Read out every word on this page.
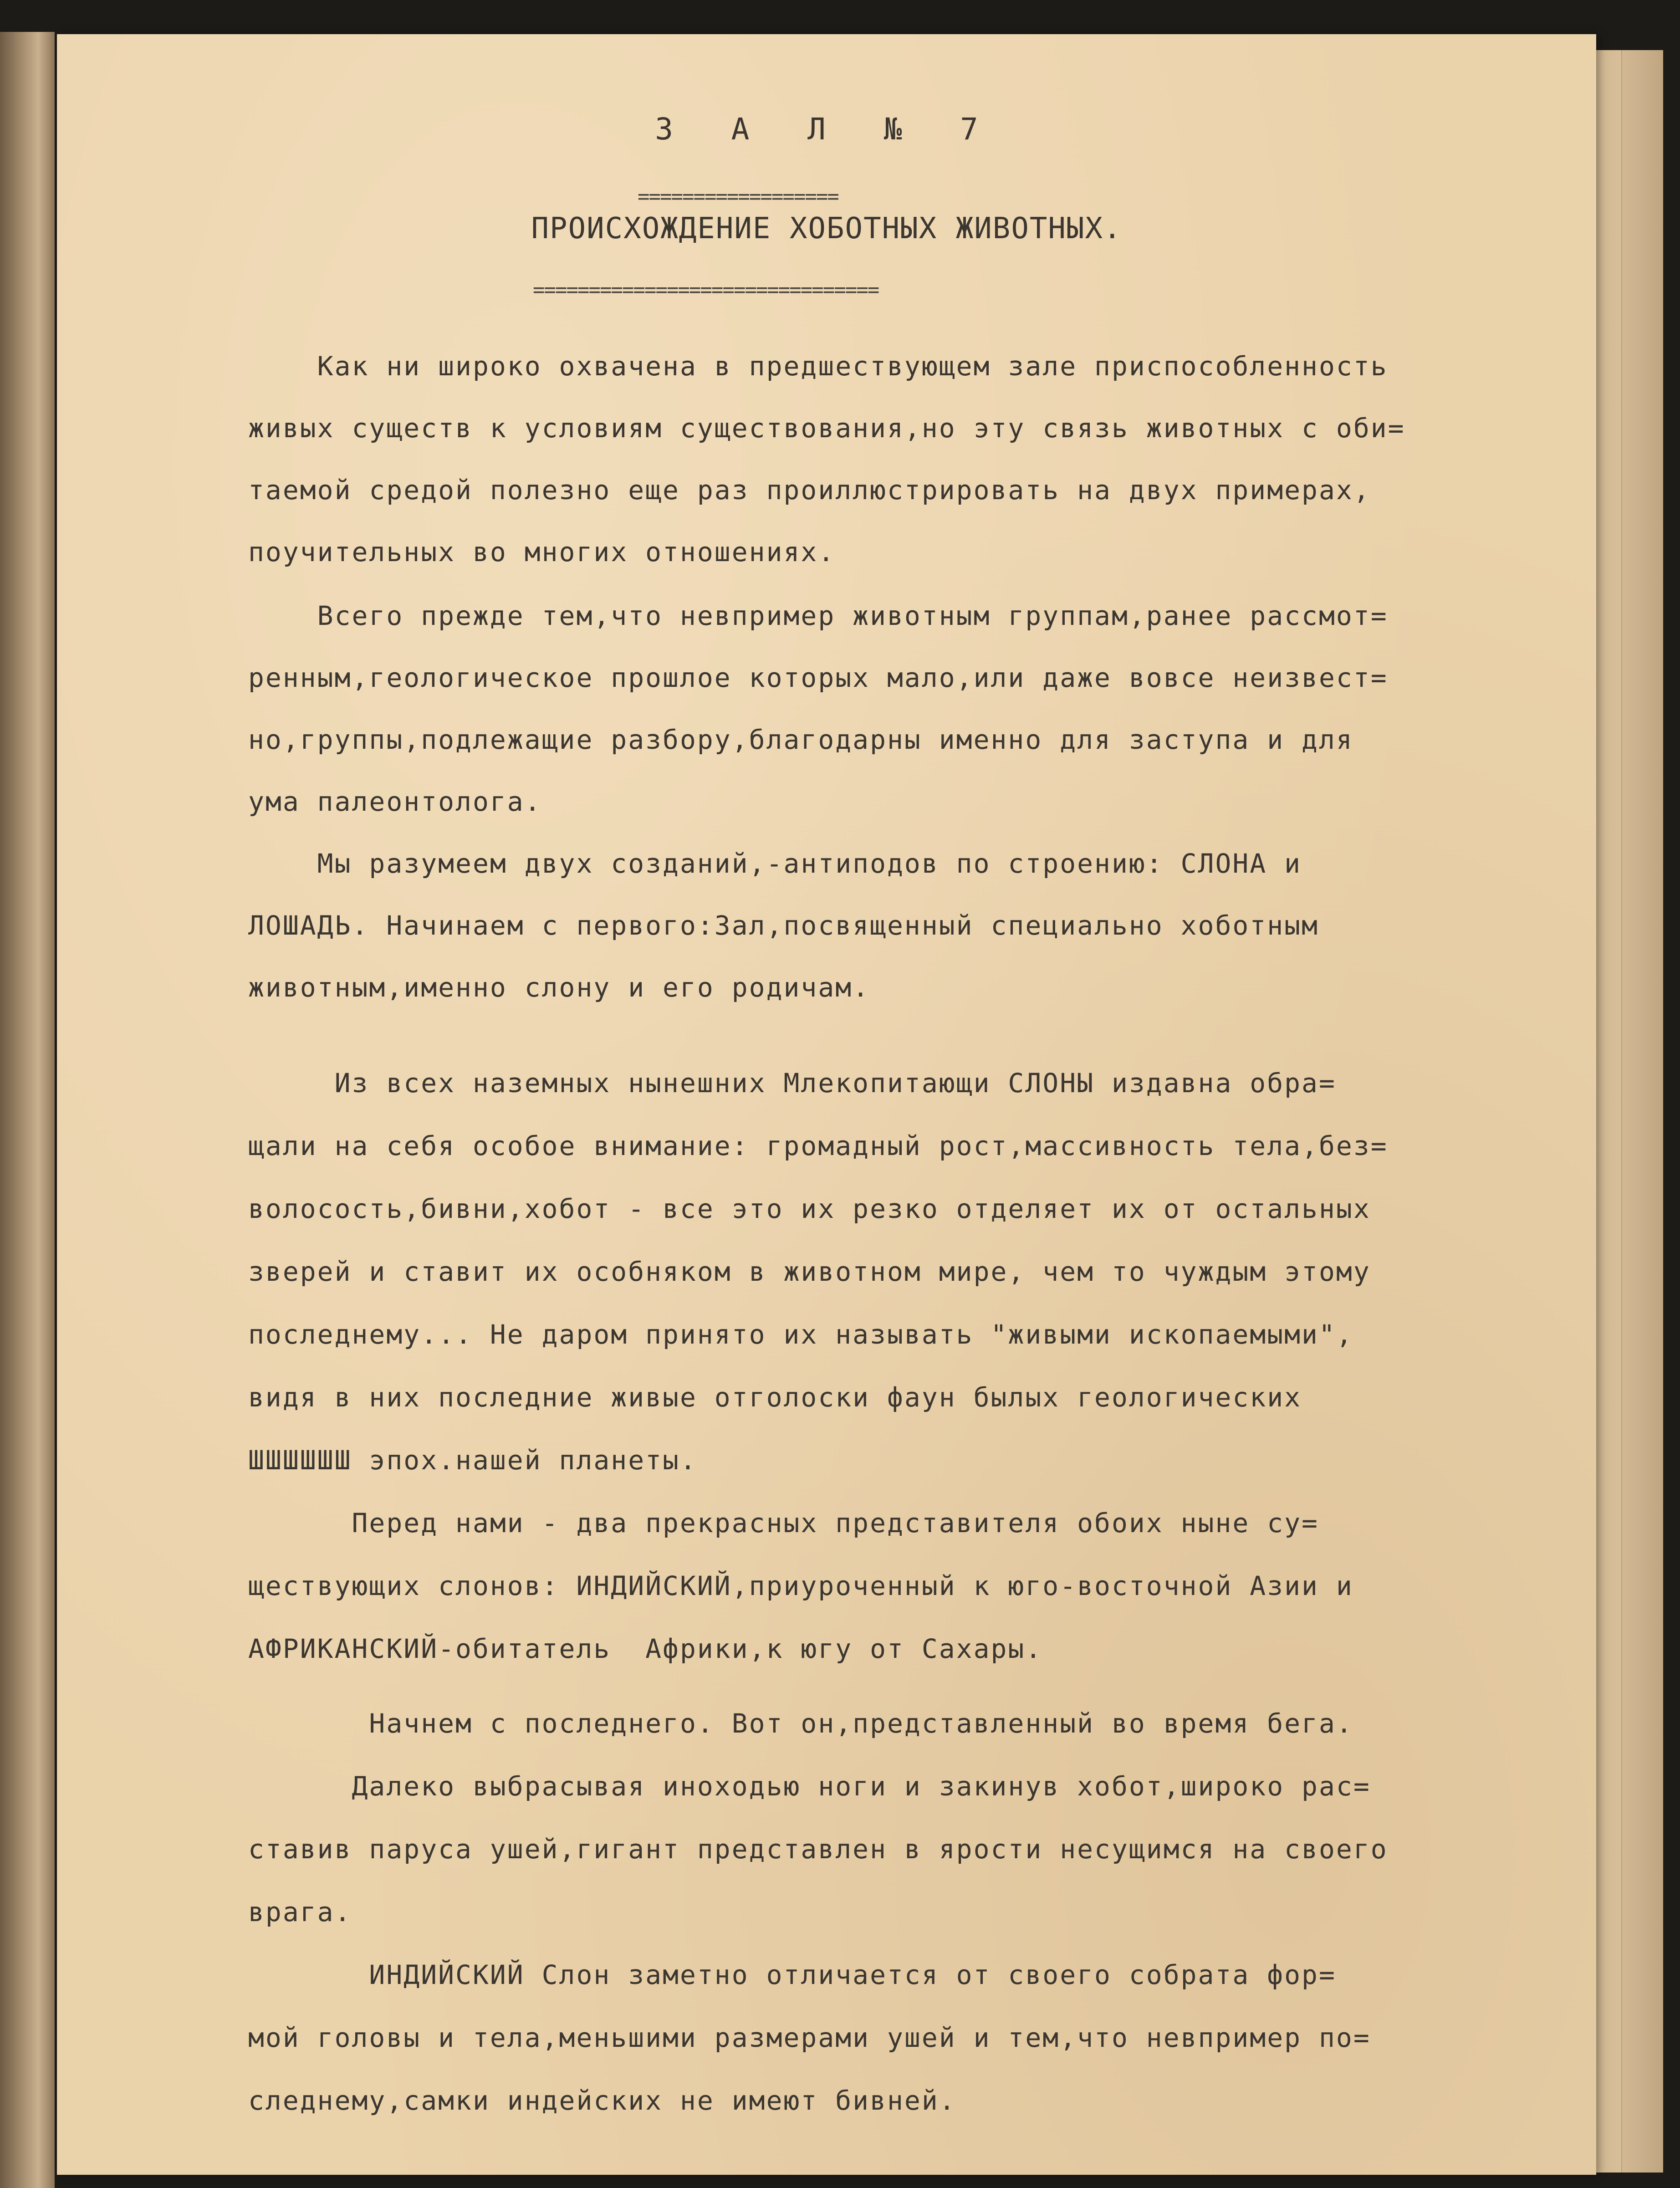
З А Л № 7
==================
ПРОИСХОЖДЕНИЕ ХОБОТНЫХ ЖИВОТНЫХ.
===============================
Как ни широко охвачена в предшествующем зале приспособленность
живых существ к условиям существования,но эту связь животных с оби=
таемой средой полезно еще раз проиллюстрировать на двух примерах,
поучительных во многих отношениях.
Всего прежде тем,что невпример животным группам,ранее рассмот=
ренным,геологическое прошлое которых мало,или даже вовсе неизвест=
но,группы,подлежащие разбору,благодарны именно для заступа и для
ума палеонтолога.
Мы разумеем двух созданий,-антиподов по строению: СЛОНА и
ЛОШАДЬ. Начинаем с первого:Зал,посвященный специально хоботным
животным,именно слону и его родичам.
Из всех наземных нынешних Млекопитающи СЛОНЫ издавна обра=
щали на себя особое внимание: громадный рост,массивность тела,без=
волосость,бивни,хобот - все это их резко отделяет их от остальных
зверей и ставит их особняком в животном мире, чем то чуждым этому
последнему... Не даром принято их называть "живыми ископаемыми",
видя в них последние живые отголоски фаун былых геологических
ШШШШШШ эпох.нашей планеты.
Перед нами - два прекрасных представителя обоих ныне су=
ществующих слонов: ИНДИЙСКИЙ,приуроченный к юго-восточной Азии и
АФРИКАНСКИЙ-обитатель  Африки,к югу от Сахары.
Начнем с последнего. Вот он,представленный во время бега.
Далеко выбрасывая иноходью ноги и закинув хобот,широко рас=
ставив паруса ушей,гигант представлен в ярости несущимся на своего
врага.
ИНДИЙСКИЙ Слон заметно отличается от своего собрата фор=
мой головы и тела,меньшими размерами ушей и тем,что невпример по=
следнему,самки индейских не имеют бивней.
